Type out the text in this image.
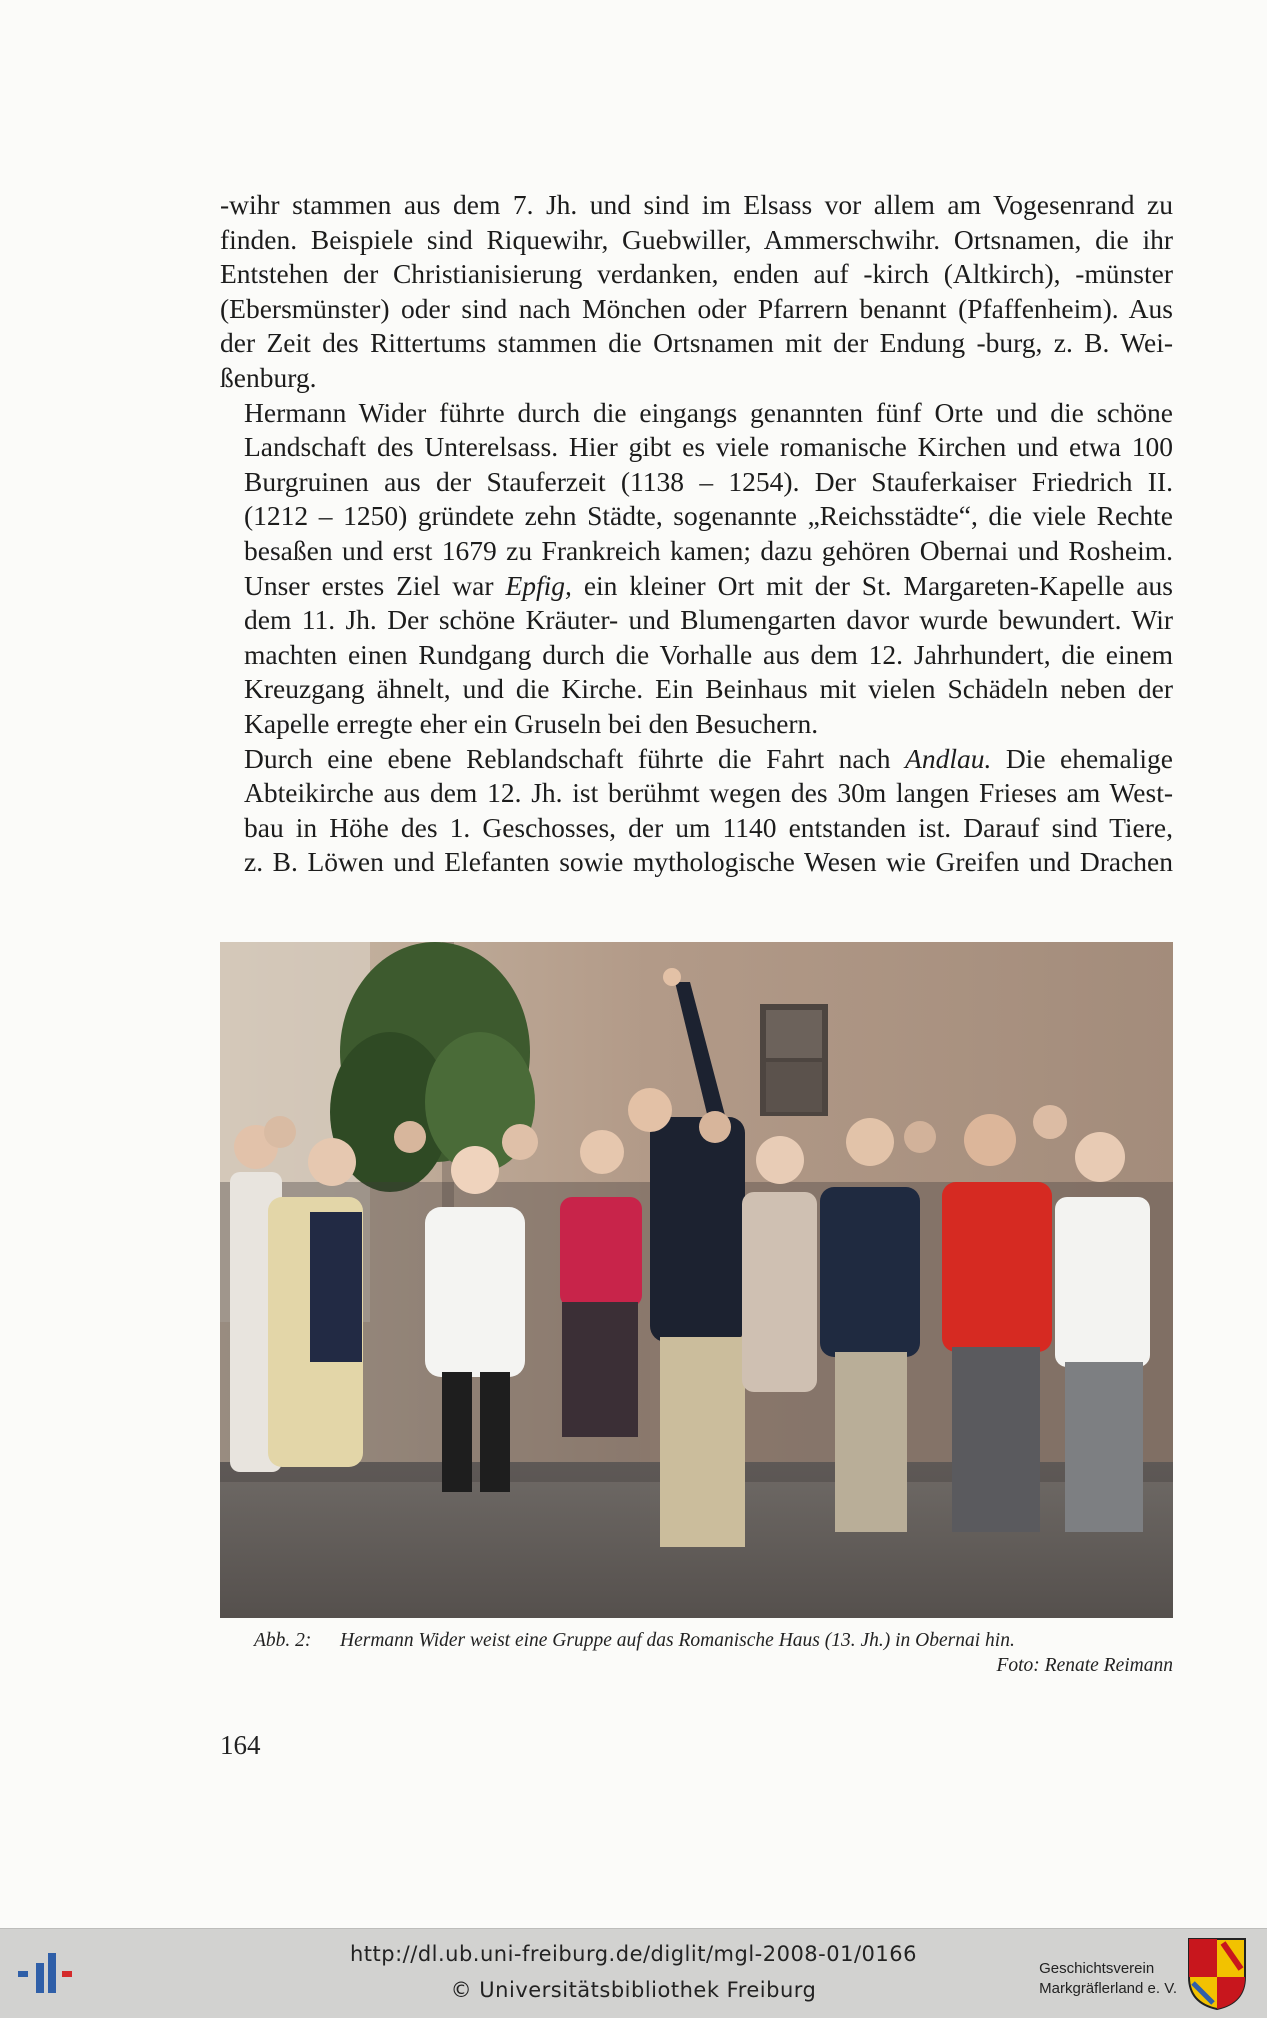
-wihr stammen aus dem 7. Jh. und sind im Elsass vor allem am Vogesenrand zu
finden. Beispiele sind Riquewihr, Guebwiller, Ammerschwihr. Ortsnamen, die ihr
Entstehen der Christianisierung verdanken, enden auf -kirch (Altkirch), -münster
(Ebersmünster) oder sind nach Mönchen oder Pfarrern benannt (Pfaffenheim). Aus
der Zeit des Rittertums stammen die Ortsnamen mit der Endung -burg, z. B. Wei-
ßenburg.

Hermann Wider führte durch die eingangs genannten fünf Orte und die schöne
Landschaft des Unterelsass. Hier gibt es viele romanische Kirchen und etwa 100
Burgruinen aus der Stauferzeit (1138 – 1254). Der Stauferkaiser Friedrich II.
(1212 – 1250) gründete zehn Städte, sogenannte „Reichsstädte“, die viele Rechte
besaßen und erst 1679 zu Frankreich kamen; dazu gehören Obernai und Rosheim.
Unser erstes Ziel war Epfig, ein kleiner Ort mit der St. Margareten-Kapelle aus
dem 11. Jh. Der schöne Kräuter- und Blumengarten davor wurde bewundert. Wir
machten einen Rundgang durch die Vorhalle aus dem 12. Jahrhundert, die einem
Kreuzgang ähnelt, und die Kirche. Ein Beinhaus mit vielen Schädeln neben der
Kapelle erregte eher ein Gruseln bei den Besuchern.

Durch eine ebene Reblandschaft führte die Fahrt nach Andlau. Die ehemalige
Abteikirche aus dem 12. Jh. ist berühmt wegen des 30m langen Frieses am West-
bau in Höhe des 1. Geschosses, der um 1140 entstanden ist. Darauf sind Tiere,
z. B. Löwen und Elefanten sowie mythologische Wesen wie Greifen und Drachen

Abb. 2:	Hermann Wider weist eine Gruppe auf das Romanische Haus (13. Jh.) in Obernai hin.
Foto: Renate Reimann
164
http://dl.ub.uni-freiburg.de/diglit/mgl-2008-01/0166
© Universitätsbibliothek Freiburg
Geschichtsverein
Markgräflerland e. V.
